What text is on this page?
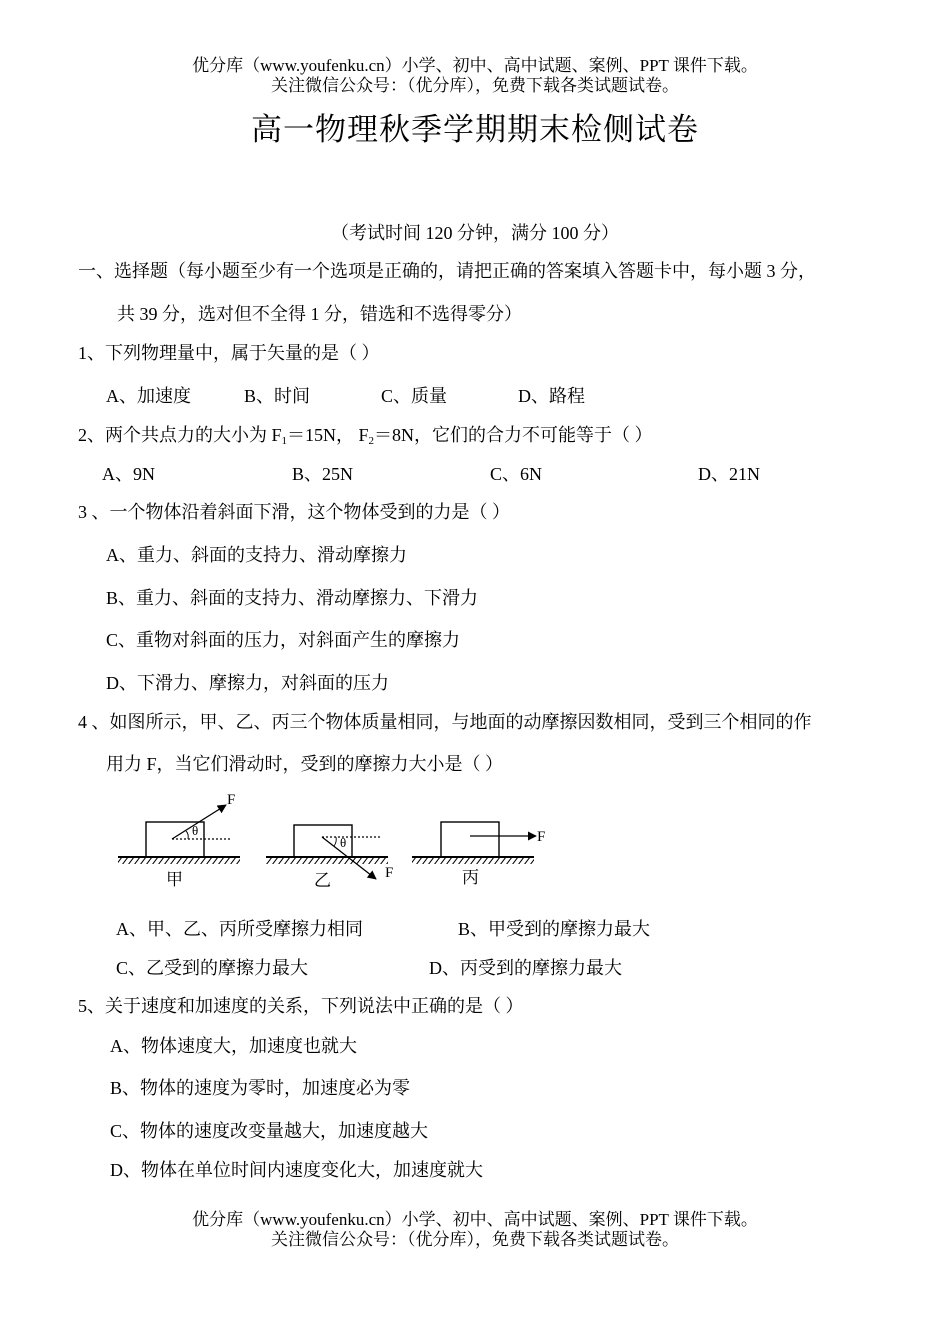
优分库（www.youfenku.cn）小学、初中、高中试题、案例、PPT 课件下载。
关注微信公众号：（优分库），免费下载各类试题试卷。
高一物理秋季学期期末检侧试卷
（考试时间 120 分钟，满分 100 分）
一、选择题（每小题至少有一个选项是正确的，请把正确的答案填入答题卡中，每小题 3 分，
共 39 分，选对但不全得 1 分，错选和不选得零分）
1、下列物理量中，属于矢量的是（ ）
A、加速度	B、时间	C、质量	D、路程
2、两个共点力的大小为 $F_1=15N$， $F_2=8N$，它们的合力不可能等于（ ）
A、9N	B、25N	C、6N	D、21N
3 、一个物体沿着斜面下滑，这个物体受到的力是（ ）
A、重力、斜面的支持力、滑动摩擦力
B、重力、斜面的支持力、滑动摩擦力、下滑力
C、重物对斜面的压力，对斜面产生的摩擦力
D、下滑力、摩擦力，对斜面的压力
4 、如图所示，甲、乙、丙三个物体质量相同，与地面的动摩擦因数相同，受到三个相同的作
用力 F，当它们滑动时，受到的摩擦力大小是（ ）
θ
F
甲
θ
F
乙
F
丙
A、甲、乙、丙所受摩擦力相同	B、甲受到的摩擦力最大
C、乙受到的摩擦力最大	D、丙受到的摩擦力最大
5、关于速度和加速度的关系，下列说法中正确的是（ ）
A、物体速度大，加速度也就大
B、物体的速度为零时，加速度必为零
C、物体的速度改变量越大，加速度越大
D、物体在单位时间内速度变化大，加速度就大
优分库（www.youfenku.cn）小学、初中、高中试题、案例、PPT 课件下载。
关注微信公众号：（优分库），免费下载各类试题试卷。
